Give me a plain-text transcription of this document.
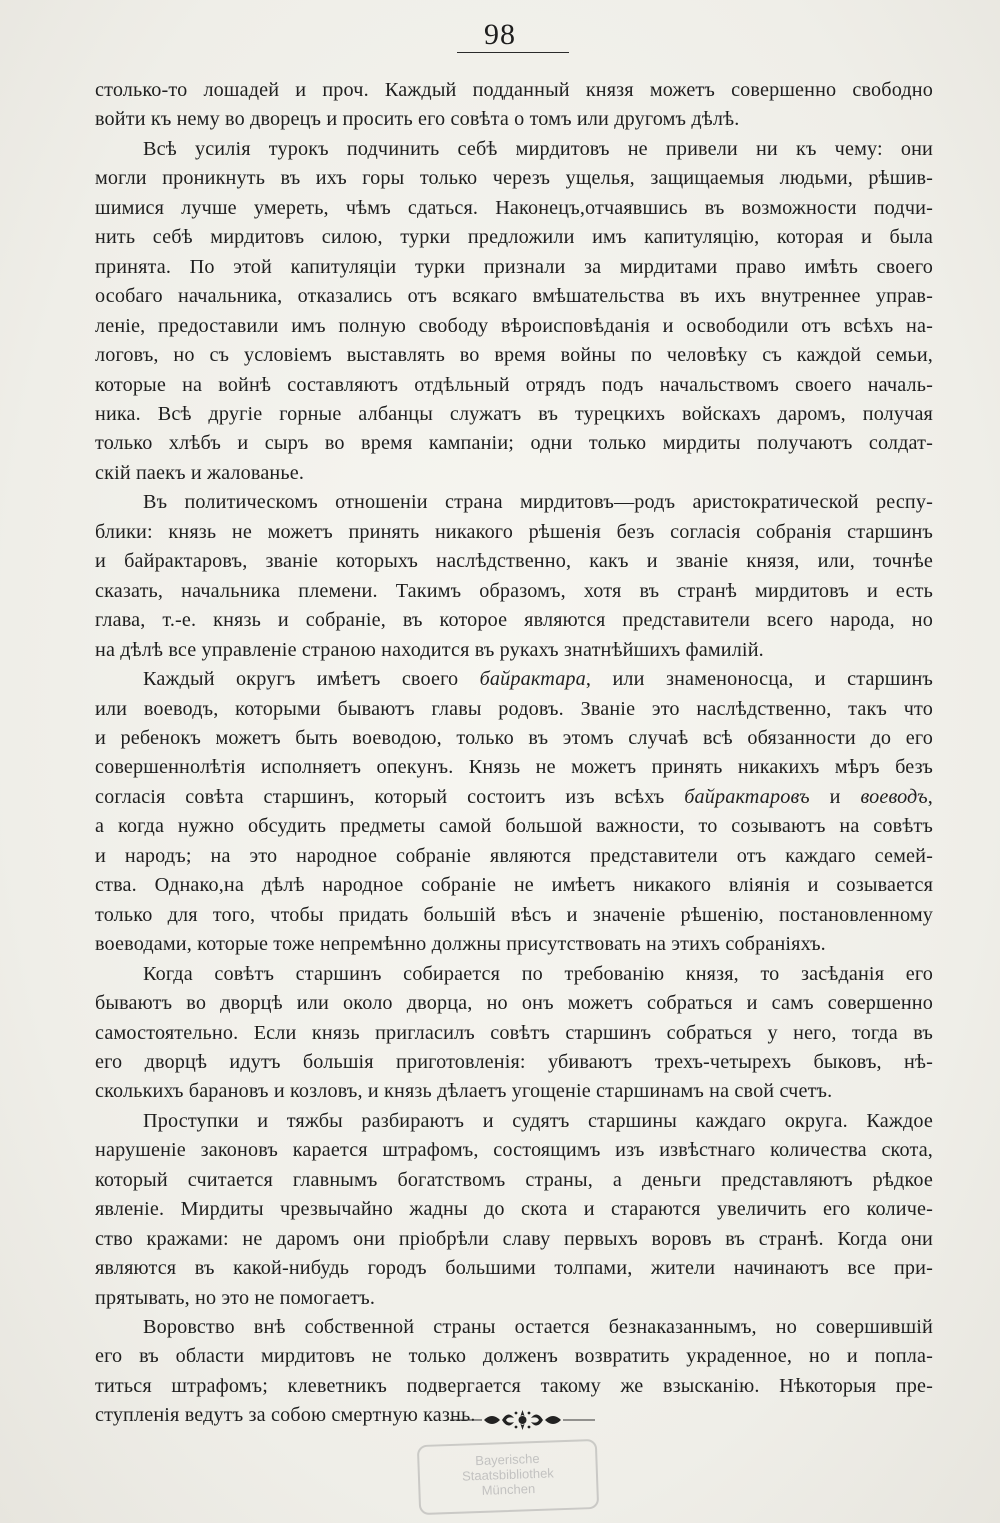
98
столько-то лошадей и проч. Каждый подданный князя можетъ совершенно свободно
войти къ нему во дворецъ и просить его совѣта о томъ или другомъ дѣлѣ.
Всѣ усилія турокъ подчинить себѣ мирдитовъ не привели ни къ чему: они
могли проникнуть въ ихъ горы только черезъ ущелья, защищаемыя людьми, рѣшив-
шимися лучше умереть, чѣмъ сдаться. Наконецъ,отчаявшись въ возможности подчи-
нить себѣ мирдитовъ силою, турки предложили имъ капитуляцію, которая и была
принята. По этой капитуляціи турки признали за мирдитами право имѣть своего
особаго начальника, отказались отъ всякаго вмѣшательства въ ихъ внутреннее управ-
леніе, предоставили имъ полную свободу вѣроисповѣданія и освободили отъ всѣхъ на-
логовъ, но съ условіемъ выставлять во время войны по человѣку съ каждой семьи,
которые на войнѣ составляютъ отдѣльный отрядъ подъ начальствомъ своего началь-
ника. Всѣ другіе горные албанцы служатъ въ турецкихъ войскахъ даромъ, получая
только хлѣбъ и сыръ во время кампаніи; одни только мирдиты получаютъ солдат-
скій паекъ и жалованье.
Въ политическомъ отношеніи страна мирдитовъ—родъ аристократической респу-
блики: князь не можетъ принять никакого рѣшенія безъ согласія собранія старшинъ
и байрактаровъ, званіе которыхъ наслѣдственно, какъ и званіе князя, или, точнѣе
сказать, начальника племени. Такимъ образомъ, хотя въ странѣ мирдитовъ и есть
глава, т.-е. князь и собраніе, въ которое являются представители всего народа, но
на дѣлѣ все управленіе страною находится въ рукахъ знатнѣйшихъ фамилій.
Каждый округъ имѣетъ своего байрактара, или знаменоносца, и старшинъ
или воеводъ, которыми бываютъ главы родовъ. Званіе это наслѣдственно, такъ что
и ребенокъ можетъ быть воеводою, только въ этомъ случаѣ всѣ обязанности до его
совершеннолѣтія исполняетъ опекунъ. Князь не можетъ принять никакихъ мѣръ безъ
согласія совѣта старшинъ, который состоитъ изъ всѣхъ байрактаровъ и воеводъ,
а когда нужно обсудить предметы самой большой важности, то созываютъ на совѣтъ
и народъ; на это народное собраніе являются представители отъ каждаго семей-
ства. Однако,на дѣлѣ народное собраніе не имѣетъ никакого вліянія и созывается
только для того, чтобы придать большій вѣсъ и значеніе рѣшенію, постановленному
воеводами, которые тоже непремѣнно должны присутствовать на этихъ собраніяхъ.
Когда совѣтъ старшинъ собирается по требованію князя, то засѣданія его
бываютъ во дворцѣ или около дворца, но онъ можетъ собраться и самъ совершенно
самостоятельно. Если князь пригласилъ совѣтъ старшинъ собраться у него, тогда въ
его дворцѣ идутъ большія приготовленія: убиваютъ трехъ-четырехъ быковъ, нѣ-
сколькихъ барановъ и козловъ, и князь дѣлаетъ угощеніе старшинамъ на свой счетъ.
Проступки и тяжбы разбираютъ и судятъ старшины каждаго округа. Каждое
нарушеніе законовъ карается штрафомъ, состоящимъ изъ извѣстнаго количества скота,
который считается главнымъ богатствомъ страны, а деньги представляютъ рѣдкое
явленіе. Мирдиты чрезвычайно жадны до скота и стараются увеличить его количе-
ство кражами: не даромъ они пріобрѣли славу первыхъ воровъ въ странѣ. Когда они
являются въ какой-нибудь городъ большими толпами, жители начинаютъ все при-
прятывать, но это не помогаетъ.
Воровство внѣ собственной страны остается безнаказаннымъ, но совершившій
его въ области мирдитовъ не только долженъ возвратить украденное, но и попла-
титься штрафомъ; клеветникъ подвергается такому же взысканію. Нѣкоторыя пре-
ступленія ведутъ за собою смертную казнь.
Bayerische
Staatsbibliothek
München
